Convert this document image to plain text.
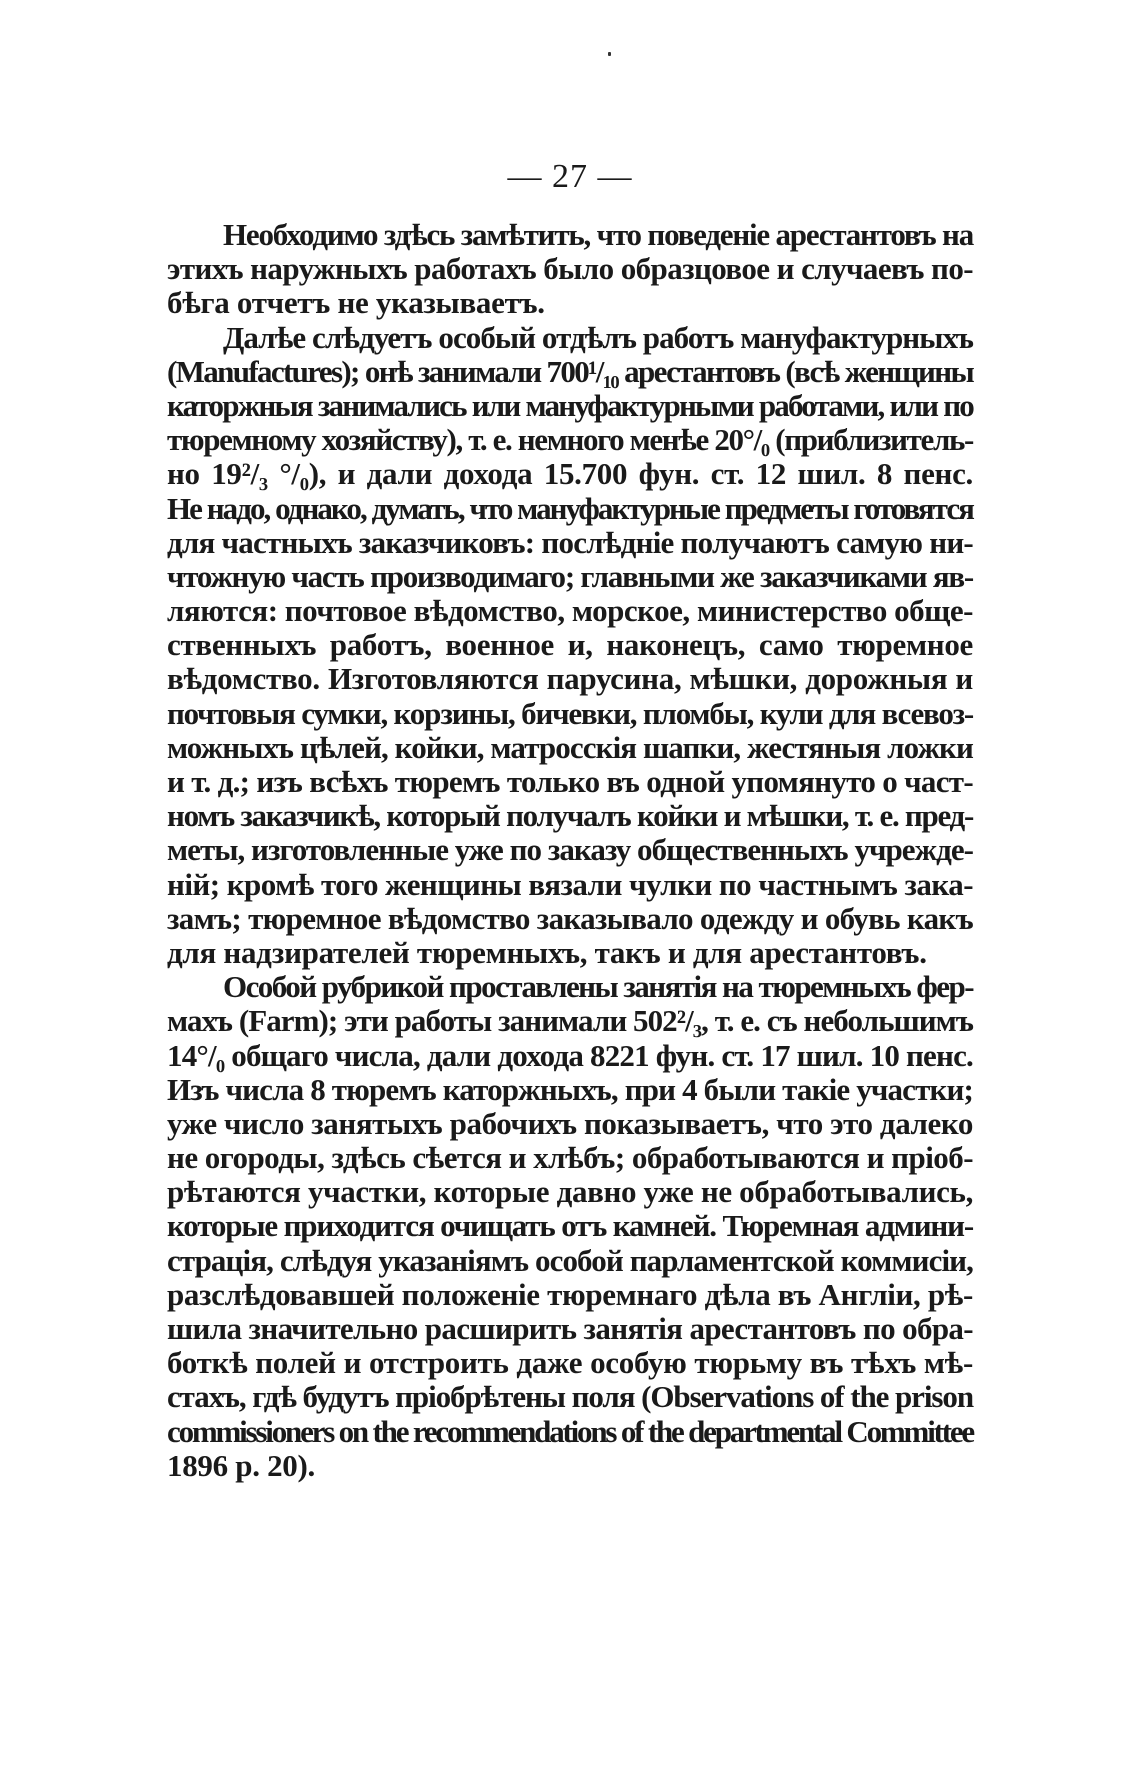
— 27 —
Необходимо здѣсь замѣтить, что поведеніе арестантовъ на
этихъ наружныхъ работахъ было образцовое и случаевъ по-
бѣга отчетъ не указываетъ.
Далѣе слѣдуетъ особый отдѣлъ работъ мануфактурныхъ
(Manufactures); онѣ занимали 700¹/₁₀ арестантовъ (всѣ женщины
каторжныя занимались или мануфактурными работами, или по
тюремному хозяйству), т. е. немного менѣе 20°/₀ (приблизитель-
но 19²/₃ °/₀), и дали дохода 15.700 фун. ст. 12 шил. 8 пенс.
Не надо, однако, думать, что мануфактурные предметы готовятся
для частныхъ заказчиковъ: послѣдніе получаютъ самую ни-
чтожную часть производимаго; главными же заказчиками яв-
ляются: почтовое вѣдомство, морское, министерство обще-
ственныхъ работъ, военное и, наконецъ, само тюремное
вѣдомство. Изготовляются парусина, мѣшки, дорожныя и
почтовыя сумки, корзины, бичевки, пломбы, кули для всевоз-
можныхъ цѣлей, койки, матросскія шапки, жестяныя ложки
и т. д.; изъ всѣхъ тюремъ только въ одной упомянуто о част-
номъ заказчикѣ, который получалъ койки и мѣшки, т. е. пред-
меты, изготовленные уже по заказу общественныхъ учрежде-
ній; кромѣ того женщины вязали чулки по частнымъ зака-
замъ; тюремное вѣдомство заказывало одежду и обувь какъ
для надзирателей тюремныхъ, такъ и для арестантовъ.
Особой рубрикой проставлены занятія на тюремныхъ фер-
махъ (Farm); эти работы занимали 502²/₃, т. е. съ небольшимъ
14°/₀ общаго числа, дали дохода 8221 фун. ст. 17 шил. 10 пенс.
Изъ числа 8 тюремъ каторжныхъ, при 4 были такіе участки;
уже число занятыхъ рабочихъ показываетъ, что это далеко
не огороды, здѣсь сѣется и хлѣбъ; обработываются и пріоб-
рѣтаются участки, которые давно уже не обработывались,
которые приходится очищать отъ камней. Тюремная админи-
страція, слѣдуя указаніямъ особой парламентской коммисіи,
разслѣдовавшей положеніе тюремнаго дѣла въ Англіи, рѣ-
шила значительно расширить занятія арестантовъ по обра-
боткѣ полей и отстроить даже особую тюрьму въ тѣхъ мѣ-
стахъ, гдѣ будутъ пріобрѣтены поля (Observations of the prison
commissioners on the recommendations of the departmental Committee
1896 p. 20).
